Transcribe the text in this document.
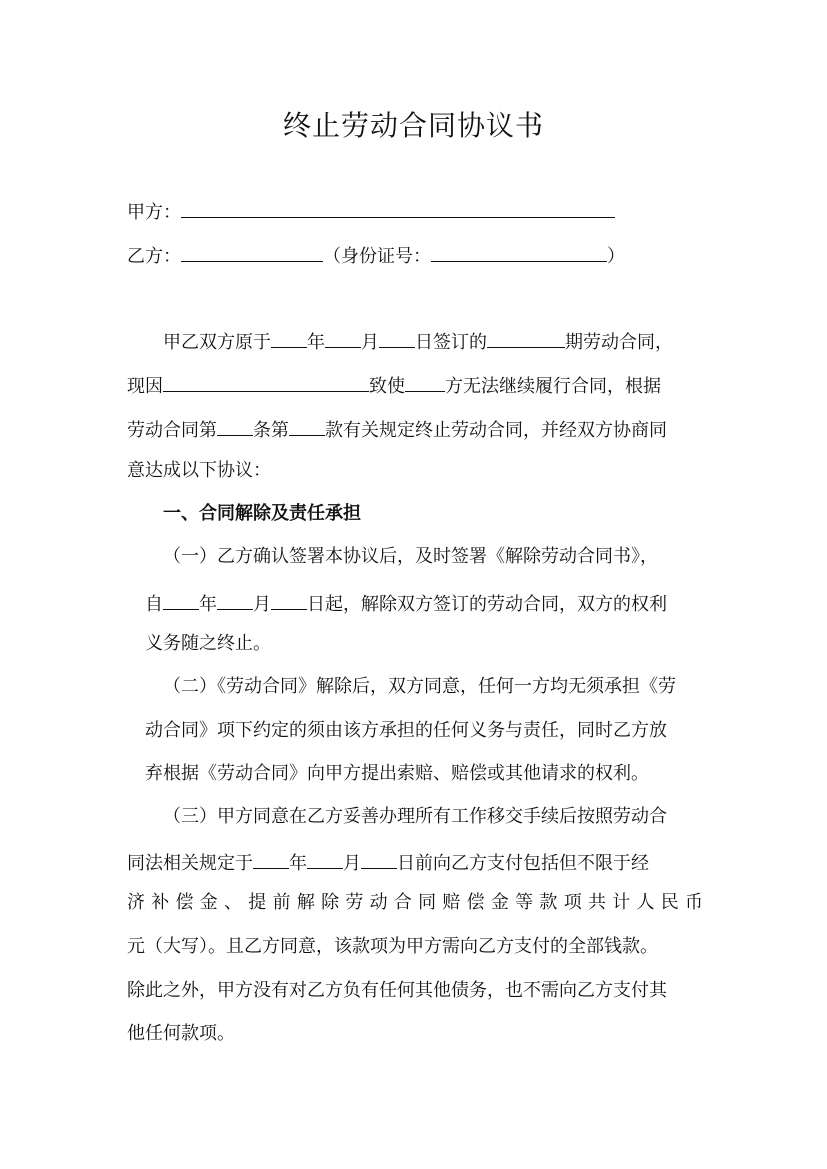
终止劳动合同协议书
甲方：
乙方：	（身份证号：	）
甲乙双方原于 年 月 日签订的	期劳动合同，
现因	致使 方无法继续履行合同，根据
劳动合同第 条第 款有关规定终止劳动合同，并经双方协商同
意达成以下协议：
一、合同解除及责任承担
（一）乙方确认签署本协议后，及时签署《解除劳动合同书》，
自 年 月 日起，解除双方签订的劳动合同，双方的权利
义务随之终止。
（二）《劳动合同》解除后，双方同意，任何一方均无须承担《劳
动合同》项下约定的须由该方承担的任何义务与责任，同时乙方放
弃根据《劳动合同》向甲方提出索赔、赔偿或其他请求的权利。
（三）甲方同意在乙方妥善办理所有工作移交手续后按照劳动合
同法相关规定于 年 月 日前向乙方支付包括但不限于经
济补偿金、提前解除劳动合同赔偿金等款项共计人民币
元（大写）。且乙方同意，该款项为甲方需向乙方支付的全部钱款。
除此之外，甲方没有对乙方负有任何其他债务，也不需向乙方支付其
他任何款项。
